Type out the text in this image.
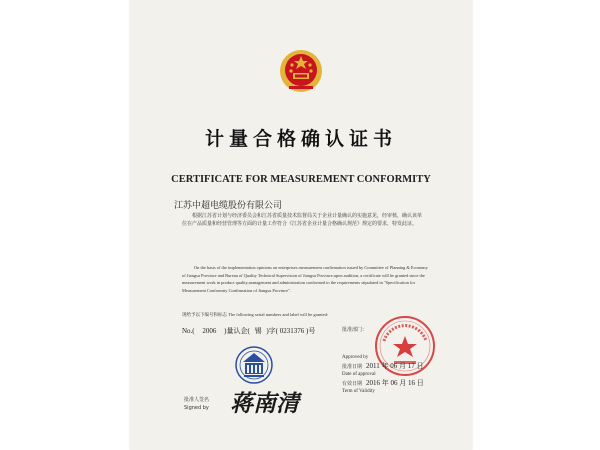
计量合格确认证书
CERTIFICATE FOR MEASUREMENT CONFORMITY
江苏中超电缆股份有限公司
根据江苏省计划与经济委员会和江苏省质量技术监督局关于企业计量确认的实施意见，经审核，确认该单位在产品质量和经营管理等方面的计量工作符合《江苏省企业计量合格确认规范》规定的要求，特发此证。
On the basis of the implementation opinions on enterprises measurement confirmation issued by Committee of Planning & Economy of Jiangsu Province and Bureau of Quality Technical Supervision of Jiangsu Province,upon audition, a certificate will be granted since the measurement work in product quality,management and administration conformed to the requirements stipulated in "Specification for Measurement Conformity Confirmation of Jiangsu Province".
现给予以下编号和标志 The following serial numbers and label will be granted:
No.( 2006 )量认企( 锡 )字( 0231376 )号	批准部门：
Approved by
批准日期 2011 年 06 月 17 日
Date of approval
有效日期 2016 年 06 月 16 日
Term of Validity
批准人签名
Signed by 蒋南清
